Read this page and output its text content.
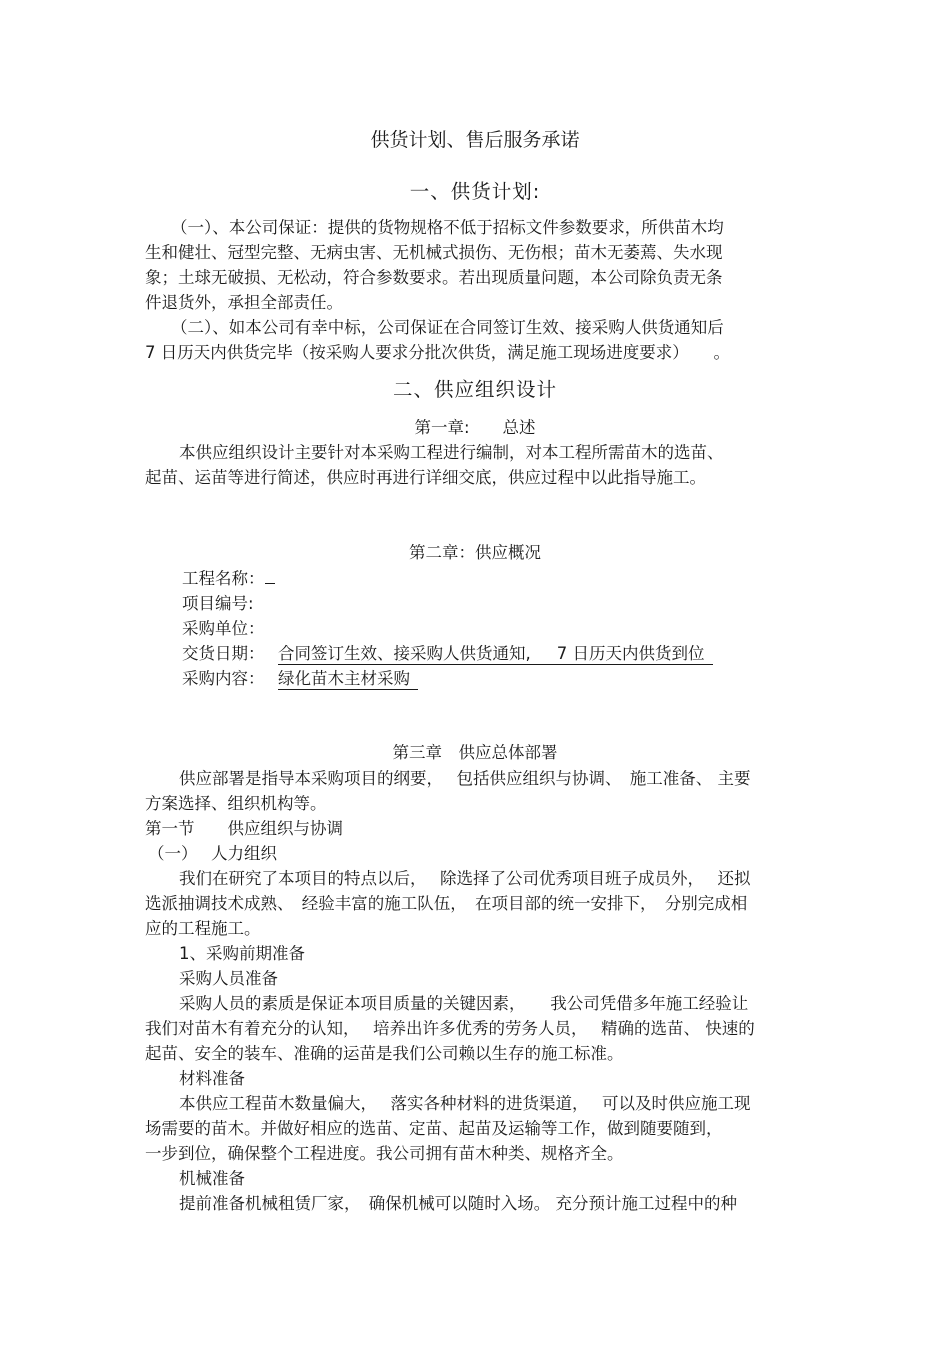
供货计划、售后服务承诺
一、供货计划:
（一）、本公司保证：提供的货物规格不低于招标文件参数要求，所供苗木均
生和健壮、冠型完整、无病虫害、无机械式损伤、无伤根；苗木无萎蔫、失水现
象；土球无破损、无松动，符合参数要求。若出现质量问题，本公司除负责无条
件退货外，承担全部责任。
（二）、如本公司有幸中标，公司保证在合同签订生效、接采购人供货通知后
7 日历天内供货完毕（按采购人要求分批次供货，满足施工现场进度要求）　　。
二、供应组织设计
第一章:　　总述
本供应组织设计主要针对本采购工程进行编制，对本工程所需苗木的选苗、
起苗、运苗等进行简述，供应时再进行详细交底，供应过程中以此指导施工。
第二章：供应概况
工程名称：
项目编号:
采购单位：
交货日期： 合同签订生效、接采购人供货通知, 7 日历天内供货到位
采购内容： 绿化苗木主材采购
第三章　供应总体部署
供应部署是指导本采购项目的纲要，　 包括供应组织与协调、　施工准备、 主要
方案选择、组织机构等。
第一节　　供应组织与协调
（一）　 人力组织
我们在研究了本项目的特点以后，　 除选择了公司优秀项目班子成员外，　 还拟
选派抽调技术成熟、　经验丰富的施工队伍，　在项目部的统一安排下，　分别完成相
应的工程施工。
1、采购前期准备
采购人员准备
采购人员的素质是保证本项目质量的关键因素，　　我公司凭借多年施工经验让
我们对苗木有着充分的认知，　 培养出许多优秀的劳务人员，　 精确的选苗、 快速的
起苗、安全的装车、准确的运苗是我们公司赖以生存的施工标准。
材料准备
本供应工程苗木数量偏大，　 落实各种材料的进货渠道，　 可以及时供应施工现
场需要的苗木。并做好相应的选苗、定苗、起苗及运输等工作，做到随要随到，
一步到位，确保整个工程进度。我公司拥有苗木种类、规格齐全。
机械准备
提前准备机械租赁厂家，　确保机械可以随时入场。 充分预计施工过程中的种
